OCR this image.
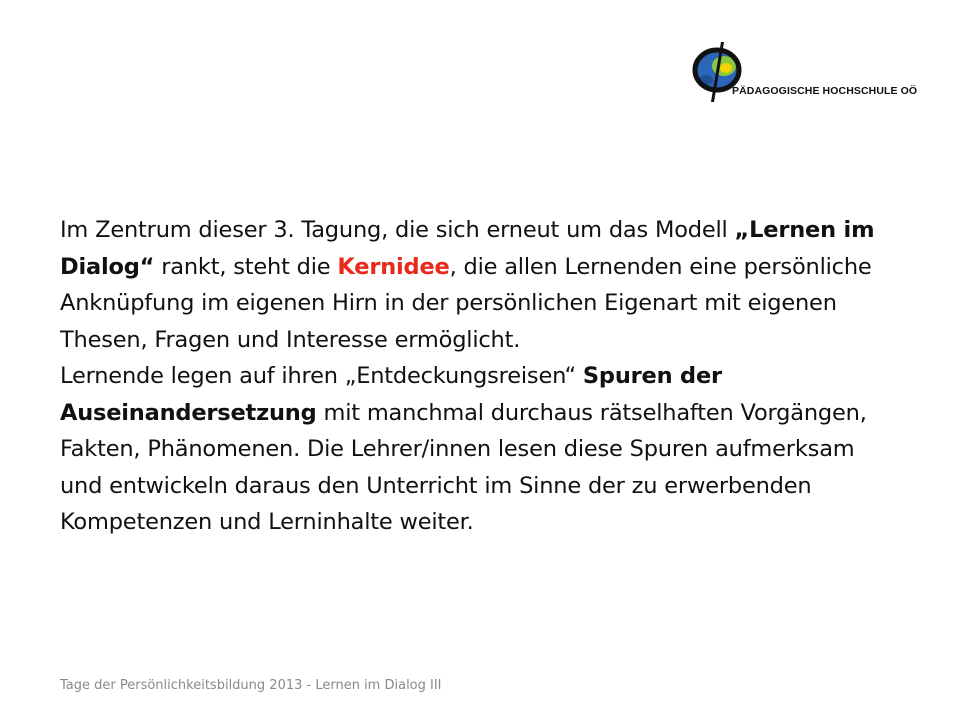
PÄDAGOGISCHE HOCHSCHULE OÖ

Im Zentrum dieser 3. Tagung, die sich erneut um das Modell „Lernen im Dialog“ rankt, steht die Kernidee, die allen Lernenden eine persönliche Anknüpfung im eigenen Hirn in der persönlichen Eigenart mit eigenen Thesen, Fragen und Interesse ermöglicht.

Lernende legen auf ihren „Entdeckungsreisen“ Spuren der Auseinandersetzung mit manchmal durchaus rätselhaften Vorgängen, Fakten, Phänomenen. Die Lehrer/innen lesen diese Spuren aufmerksam und entwickeln daraus den Unterricht im Sinne der zu erwerbenden Kompetenzen und Lerninhalte weiter.

Tage der Persönlichkeitsbildung 2013 - Lernen im Dialog III
